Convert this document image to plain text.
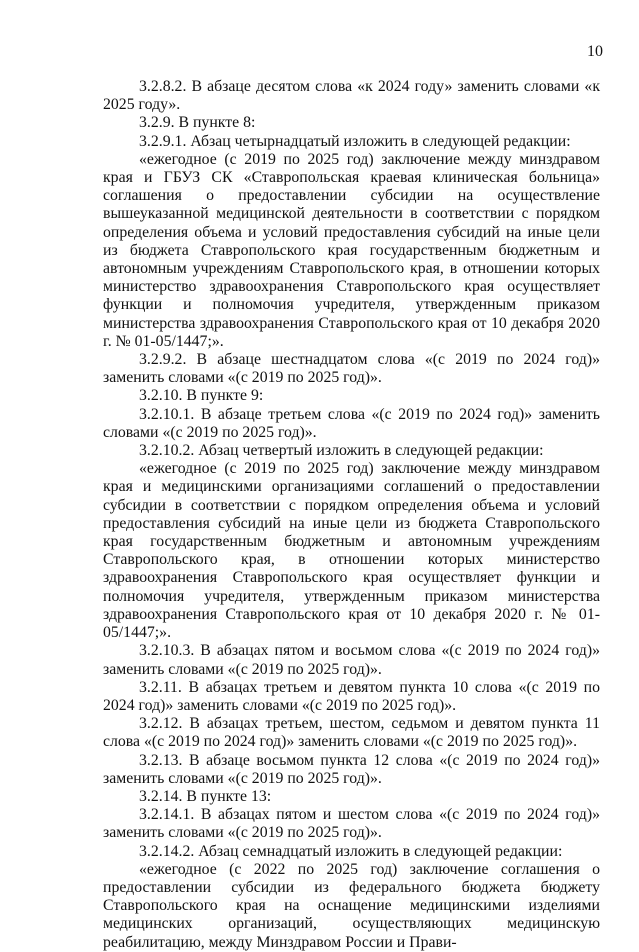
10

3.2.8.2. В абзаце десятом слова «к 2024 году» заменить словами «к 2025 году».

3.2.9. В пункте 8:

3.2.9.1. Абзац четырнадцатый изложить в следующей редакции:

«ежегодное (с 2019 по 2025 год) заключение между минздравом края и ГБУЗ СК «Ставропольская краевая клиническая больница» соглашения о предоставлении субсидии на осуществление вышеуказанной медицинской деятельности в соответствии с порядком определения объема и условий предоставления субсидий на иные цели из бюджета Ставропольского края государственным бюджетным и автономным учреждениям Ставропольского края, в отношении которых министерство здравоохранения Ставропольского края осуществляет функции и полномочия учредителя, утвержденным приказом министерства здравоохранения Ставропольского края от 10 декабря 2020 г. № 01-05/1447;».

3.2.9.2. В абзаце шестнадцатом слова «(с 2019 по 2024 год)» заменить словами «(с 2019 по 2025 год)».

3.2.10. В пункте 9:

3.2.10.1. В абзаце третьем слова «(с 2019 по 2024 год)» заменить словами «(с 2019 по 2025 год)».

3.2.10.2. Абзац четвертый изложить в следующей редакции:

«ежегодное (с 2019 по 2025 год) заключение между минздравом края и медицинскими организациями соглашений о предоставлении субсидии в соответствии с порядком определения объема и условий предоставления субсидий на иные цели из бюджета Ставропольского края государственным бюджетным и автономным учреждениям Ставропольского края, в отношении которых министерство здравоохранения Ставропольского края осуществляет функции и полномочия учредителя, утвержденным приказом министерства здравоохранения Ставропольского края от 10 декабря 2020 г. № 01-05/1447;».

3.2.10.3. В абзацах пятом и восьмом слова «(с 2019 по 2024 год)» заменить словами «(с 2019 по 2025 год)».

3.2.11. В абзацах третьем и девятом пункта 10 слова «(с 2019 по 2024 год)» заменить словами «(с 2019 по 2025 год)».

3.2.12. В абзацах третьем, шестом, седьмом и девятом пункта 11 слова «(с 2019 по 2024 год)» заменить словами «(с 2019 по 2025 год)».

3.2.13. В абзаце восьмом пункта 12 слова «(с 2019 по 2024 год)» заменить словами «(с 2019 по 2025 год)».

3.2.14. В пункте 13:

3.2.14.1. В абзацах пятом и шестом слова «(с 2019 по 2024 год)» заменить словами «(с 2019 по 2025 год)».

3.2.14.2. Абзац семнадцатый изложить в следующей редакции:

«ежегодное (с 2022 по 2025 год) заключение соглашения о предоставлении субсидии из федерального бюджета бюджету Ставропольского края на оснащение медицинскими изделиями медицинских организаций, осуществляющих медицинскую реабилитацию, между Минздравом России и Прави-
